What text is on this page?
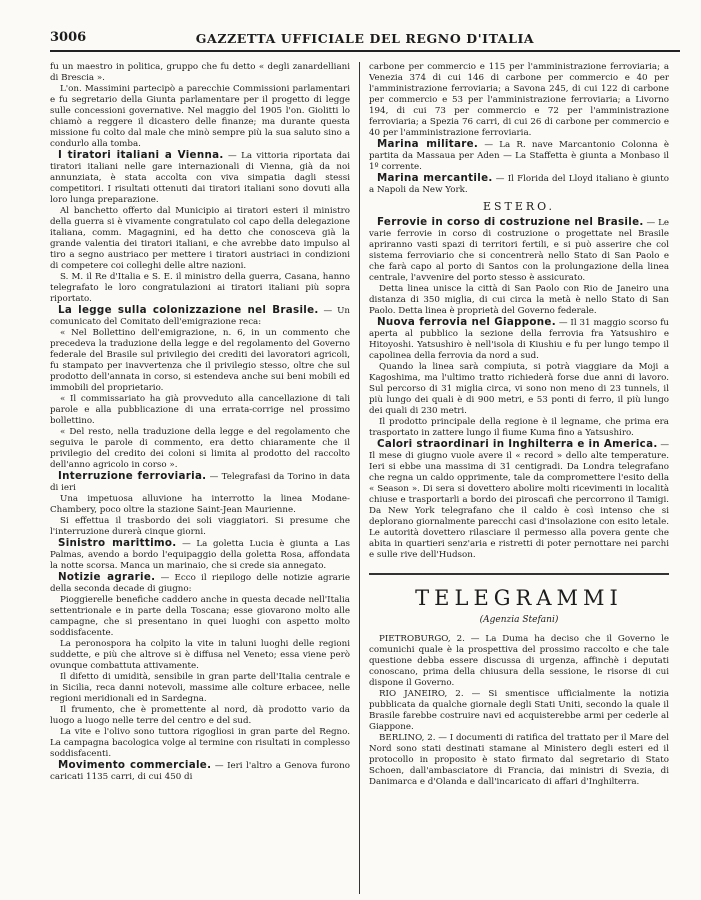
3006	GAZZETTA UFFICIALE DEL REGNO D'ITALIA

fu un maestro in politica, gruppo che fu detto « degli zanardelliani di Brescia ».

L'on. Massimini partecipò a parecchie Commissioni parlamentari e fu segretario della Giunta parlamentare per il progetto di legge sulle concessioni governative. Nel maggio del 1905 l'on. Giolitti lo chiamò a reggere il dicastero delle finanze; ma durante questa missione fu colto dal male che minò sempre più la sua saluto sino a condurlo alla tomba.

I tiratori italiani a Vienna. — La vittoria riportata dai tiratori italiani nelle gare internazionali di Vienna, già da noi annunziata, è stata accolta con viva simpatia dagli stessi competitori. I risultati ottenuti dai tiratori italiani sono dovuti alla loro lunga preparazione.

Al banchetto offerto dal Municipio ai tiratori esteri il ministro della guerra si è vivamente congratulato col capo della delegazione italiana, comm. Magagnini, ed ha detto che conosceva già la grande valentia dei tiratori italiani, e che avrebbe dato impulso al tiro a segno austriaco per mettere i tiratori austriaci in condizioni di competere coi colleghi delle altre nazioni.

S. M. il Re d'Italia e S. E. il ministro della guerra, Casana, hanno telegrafato le loro congratulazioni ai tiratori italiani più sopra riportato.

La legge sulla colonizzazione nel Brasile. — Un comunicato del Comitato dell'emigrazione reca:

« Nel Bollettino dell'emigrazione, n. 6, in un commento che precedeva la traduzione della legge e del regolamento del Governo federale del Brasile sul privilegio dei crediti dei lavoratori agricoli, fu stampato per inavvertenza che il privilegio stesso, oltre che sul prodotto dell'annata in corso, si estendeva anche sui beni mobili ed immobili del proprietario.

« Il commissariato ha già provveduto alla cancellazione di tali parole e alla pubblicazione di una errata-corrige nel prossimo bollettino.

« Del resto, nella traduzione della legge e del regolamento che seguiva le parole di commento, era detto chiaramente che il privilegio del credito dei coloni si limita al prodotto del raccolto dell'anno agricolo in corso ».

Interruzione ferroviaria. — Telegrafasi da Torino in data di ieri

Una impetuosa alluvione ha interrotto la linea Modane-Chambery, poco oltre la stazione Saint-Jean Maurienne.

Si effettua il trasbordo dei soli viaggiatori. Si presume che l'interruzione durerà cinque giorni.

Sinistro marittimo. — La goletta Lucia è giunta a Las Palmas, avendo a bordo l'equipaggio della goletta Rosa, affondata la notte scorsa. Manca un marinaio, che si crede sia annegato.

Notizie agrarie. — Ecco il riepilogo delle notizie agrarie della seconda decade di giugno:

Pioggierelle benefiche caddero anche in questa decade nell'Italia settentrionale e in parte della Toscana; esse giovarono molto alle campagne, che si presentano in quei luoghi con aspetto molto soddisfacente.

La peronospora ha colpito la vite in taluni luoghi delle regioni suddette, e più che altrove si è diffusa nel Veneto; essa viene però ovunque combattuta attivamente.

Il difetto di umidità, sensibile in gran parte dell'Italia centrale e in Sicilia, reca danni notevoli, massime alle colture erbacee, nelle regioni meridionali ed in Sardegna.

Il frumento, che è promettente al nord, dà prodotto vario da luogo a luogo nelle terre del centro e del sud.

La vite e l'olivo sono tuttora rigogliosi in gran parte del Regno. La campagna bacologica volge al termine con risultati in complesso soddisfacenti.

Movimento commerciale. — Ieri l'altro a Genova furono caricati 1135 carri, di cui 450 di

carbone per commercio e 115 per l'amministrazione ferroviaria; a Venezia 374 di cui 146 di carbone per commercio e 40 per l'amministrazione ferroviaria; a Savona 245, di cui 122 di carbone per commercio e 53 per l'amministrazione ferroviaria; a Livorno 194, di cui 73 per commercio e 72 per l'amministrazione ferroviaria; a Spezia 76 carri, di cui 26 di carbone per commercio e 40 per l'amministrazione ferroviaria.

Marina militare. — La R. nave Marcantonio Colonna è partita da Massaua per Aden — La Staffetta è giunta a Monbaso il 1º corrente.

Marina mercantile. — Il Florida del Lloyd italiano è giunto a Napoli da New York.

ESTERO.

Ferrovie in corso di costruzione nel Brasile. — Le varie ferrovie in corso di costruzione o progettate nel Brasile apriranno vasti spazi di territori fertili, e si può asserire che col sistema ferroviario che si concentrerà nello Stato di San Paolo e che farà capo al porto di Santos con la prolungazione della linea centrale, l'avvenire del porto stesso è assicurato.

Detta linea unisce la città di San Paolo con Rio de Janeiro una distanza di 350 miglia, di cui circa la metà è nello Stato di San Paolo. Detta linea è proprietà del Governo federale.

Nuova ferrovia nel Giappone. — Il 31 maggio scorso fu aperta al pubblico la sezione della ferrovia fra Yatsushiro e Hitoyoshi. Yatsushiro è nell'isola di Kiushiu e fu per lungo tempo il capolinea della ferrovia da nord a sud.

Quando la linea sarà compiuta, si potrà viaggiare da Moji a Kagoshima, ma l'ultimo tratto richiederà forse due anni di lavoro. Sul percorso di 31 miglia circa, vi sono non meno di 23 tunnels, il più lungo dei quali è di 900 metri, e 53 ponti di ferro, il più lungo dei quali di 230 metri.

Il prodotto principale della regione è il legname, che prima era trasportato in zattere lungo il fiume Kuma fino a Yatsushiro.

Calori straordinari in Inghilterra e in America. — Il mese di giugno vuole avere il « record » dello alte temperature. Ieri si ebbe una massima di 31 centigradi. Da Londra telegrafano che regna un caldo opprimente, tale da compromettere l'esito della « Season ». Di sera si dovettero abolire molti ricevimenti in località chiuse e trasportarli a bordo dei piroscafi che percorrono il Tamigi. Da New York telegrafano che il caldo è così intenso che si deplorano giornalmente parecchi casi d'insolazione con esito letale. Le autorità dovettero rilasciare il permesso alla povera gente che abita in quartieri senz'aria e ristretti di poter pernottare nei parchi e sulle rive dell'Hudson.

TELEGRAMMI
(Agenzia Stefani)

PIETROBURGO, 2. — La Duma ha deciso che il Governo le comunichi quale è la prospettiva del prossimo raccolto e che tale questione debba essere discussa di urgenza, affinchè i deputati conoscano, prima della chiusura della sessione, le risorse di cui dispone il Governo.

RIO JANEIRO, 2. — Si smentisce ufficialmente la notizia pubblicata da qualche giornale degli Stati Uniti, secondo la quale il Brasile farebbe costruire navi ed acquisterebbe armi per cederle al Giappone.

BERLINO, 2. — I documenti di ratifica del trattato per il Mare del Nord sono stati destinati stamane al Ministero degli esteri ed il protocollo in proposito è stato firmato dal segretario di Stato Schoen, dall'ambasciatore di Francia, dai ministri di Svezia, di Danimarca e d'Olanda e dall'incaricato di affari d'Inghilterra.
